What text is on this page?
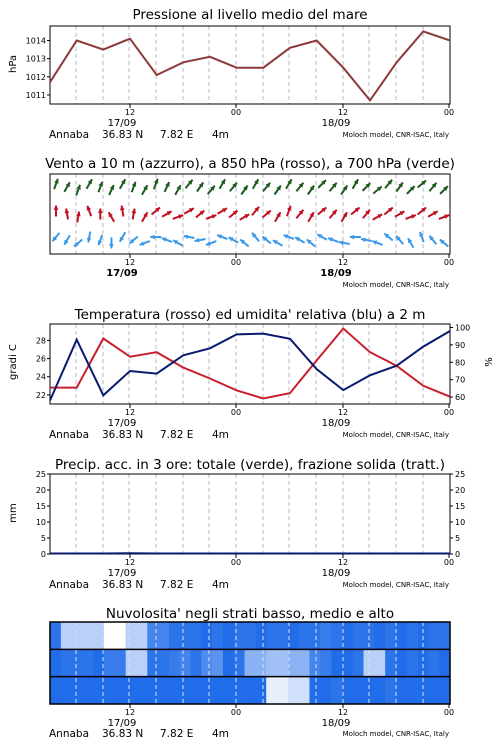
Pressione al livello medio del mare
Vento a 10 m (azzurro), a 850 hPa (rosso), a 700 hPa (verde)
Temperatura (rosso) ed umidita' relativa (blu) a 2 m
Precip. acc. in 3 ore: totale (verde), frazione solida (tratt.)
Nuvolosita' negli strati basso, medio e alto
hPa
gradi C	%
mm
Annaba 36.83 N 7.82 E 4m	Moloch model, CNR-ISAC, Italy
Annaba 36.83 N 7.82 E 4m	Moloch model, CNR-ISAC, Italy
Annaba 36.83 N 7.82 E 4m	Moloch model, CNR-ISAC, Italy
Annaba 36.83 N 7.82 E 4m	Moloch model, CNR-ISAC, Italy
Moloch model, CNR-ISAC, Italy
12	00	12	00
17/09	18/09
1011
1012
1013
1014
12	00	12	00
17/09	18/09
12	00	12	00
17/09	18/09
22
24
26
28
60
70
80
90
100
12	00	12	00
17/09	18/09
0	0
5	5
10	10
15	15
20	20
25	25
12	00	12	00
17/09	18/09
